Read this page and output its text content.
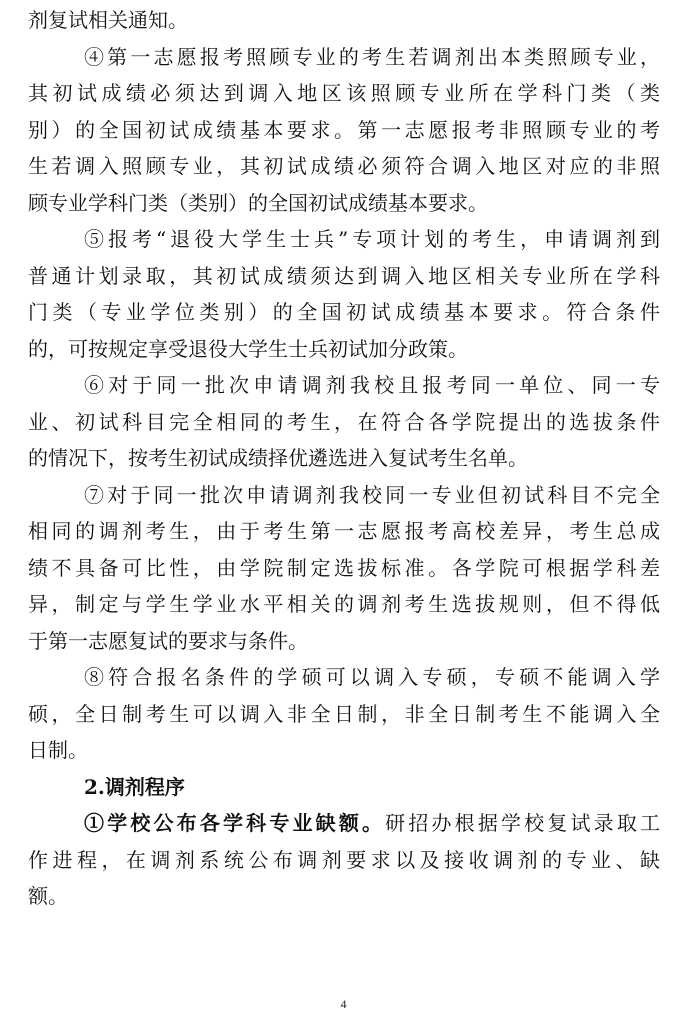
剂复试相关通知。
④第一志愿报考照顾专业的考生若调剂出本类照顾专业，
其初试成绩必须达到调入地区该照顾专业所在学科门类（类
别）的全国初试成绩基本要求。第一志愿报考非照顾专业的考
生若调入照顾专业，其初试成绩必须符合调入地区对应的非照
顾专业学科门类（类别）的全国初试成绩基本要求。
⑤报考“退役大学生士兵”专项计划的考生，申请调剂到
普通计划录取，其初试成绩须达到调入地区相关专业所在学科
门类（专业学位类别）的全国初试成绩基本要求。符合条件
的，可按规定享受退役大学生士兵初试加分政策。
⑥对于同一批次申请调剂我校且报考同一单位、同一专
业、初试科目完全相同的考生，在符合各学院提出的选拔条件
的情况下，按考生初试成绩择优遴选进入复试考生名单。
⑦对于同一批次申请调剂我校同一专业但初试科目不完全
相同的调剂考生，由于考生第一志愿报考高校差异，考生总成
绩不具备可比性，由学院制定选拔标准。各学院可根据学科差
异，制定与学生学业水平相关的调剂考生选拔规则，但不得低
于第一志愿复试的要求与条件。
⑧符合报名条件的学硕可以调入专硕，专硕不能调入学
硕，全日制考生可以调入非全日制，非全日制考生不能调入全
日制。
2.调剂程序
①学校公布各学科专业缺额。研招办根据学校复试录取工
作进程，在调剂系统公布调剂要求以及接收调剂的专业、缺
额。
4
